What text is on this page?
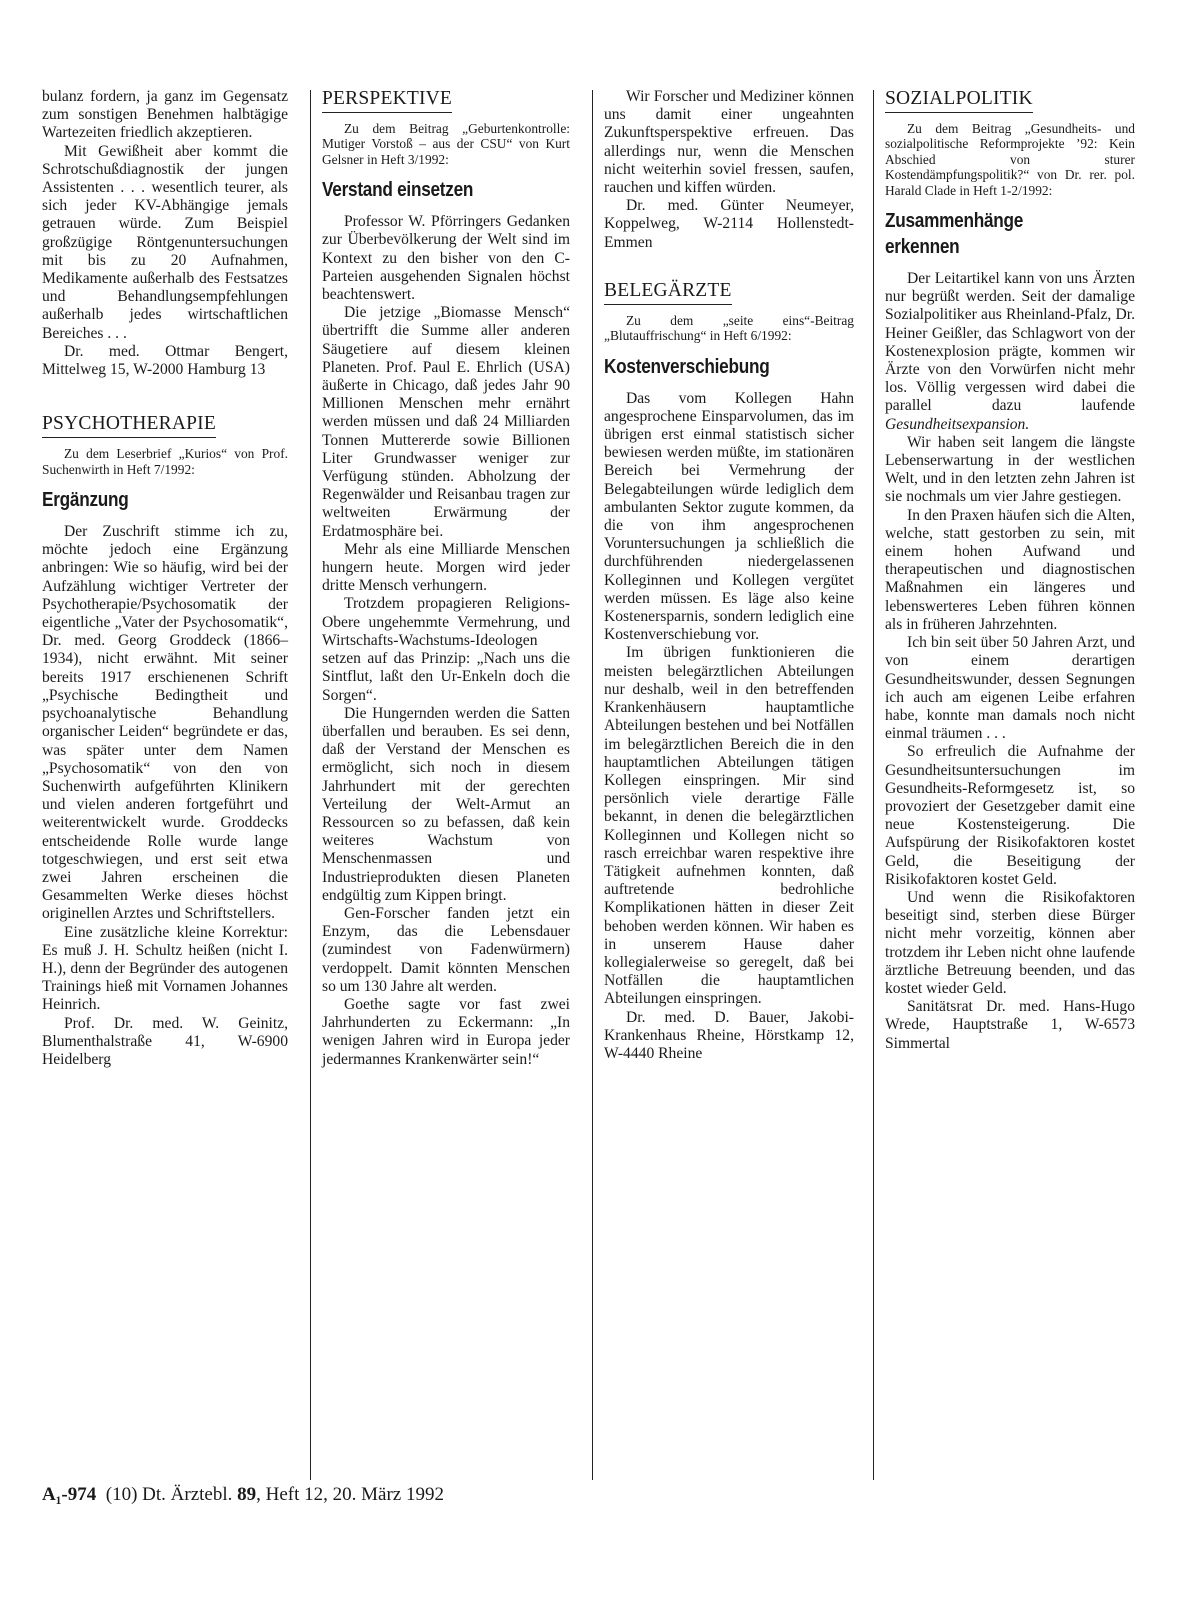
bulanz fordern, ja ganz im Gegensatz zum sonstigen Benehmen halbtägige Wartezeiten friedlich akzeptieren.

Mit Gewißheit aber kommt die Schrotschußdiagnostik der jungen Assistenten . . . wesentlich teurer, als sich jeder KV-Abhängige jemals getrauen würde. Zum Beispiel großzügige Röntgenuntersuchungen mit bis zu 20 Aufnahmen, Medikamente außerhalb des Festsatzes und Behandlungsempfehlungen außerhalb jedes wirtschaftlichen Bereiches . . .

Dr. med. Ottmar Bengert, Mittelweg 15, W-2000 Hamburg 13

PSYCHOTHERAPIE
Zu dem Leserbrief „Kurios“ von Prof. Suchenwirth in Heft 7/1992:
Ergänzung

Der Zuschrift stimme ich zu, möchte jedoch eine Ergänzung anbringen: Wie so häufig, wird bei der Aufzählung wichtiger Vertreter der Psychotherapie/Psychosomatik der eigentliche „Vater der Psychosomatik“, Dr. med. Georg Groddeck (1866–1934), nicht erwähnt. Mit seiner bereits 1917 erschienenen Schrift „Psychische Bedingtheit und psychoanalytische Behandlung organischer Leiden“ begründete er das, was später unter dem Namen „Psychosomatik“ von den von Suchenwirth aufgeführten Klinikern und vielen anderen fortgeführt und weiterentwickelt wurde. Groddecks entscheidende Rolle wurde lange totgeschwiegen, und erst seit etwa zwei Jahren erscheinen die Gesammelten Werke dieses höchst originellen Arztes und Schriftstellers.

Eine zusätzliche kleine Korrektur: Es muß J. H. Schultz heißen (nicht I. H.), denn der Begründer des autogenen Trainings hieß mit Vornamen Johannes Heinrich.

Prof. Dr. med. W. Geinitz, Blumenthalstraße 41, W-6900 Heidelberg

PERSPEKTIVE
Zu dem Beitrag „Geburtenkontrolle: Mutiger Vorstoß – aus der CSU“ von Kurt Gelsner in Heft 3/1992:
Verstand einsetzen

Professor W. Pförringers Gedanken zur Überbevölkerung der Welt sind im Kontext zu den bisher von den C-Parteien ausgehenden Signalen höchst beachtenswert.

Die jetzige „Biomasse Mensch“ übertrifft die Summe aller anderen Säugetiere auf diesem kleinen Planeten. Prof. Paul E. Ehrlich (USA) äußerte in Chicago, daß jedes Jahr 90 Millionen Menschen mehr ernährt werden müssen und daß 24 Milliarden Tonnen Muttererde sowie Billionen Liter Grundwasser weniger zur Verfügung stünden. Abholzung der Regenwälder und Reisanbau tragen zur weltweiten Erwärmung der Erdatmosphäre bei.

Mehr als eine Milliarde Menschen hungern heute. Morgen wird jeder dritte Mensch verhungern.

Trotzdem propagieren Religions-Obere ungehemmte Vermehrung, und Wirtschafts-Wachstums-Ideologen setzen auf das Prinzip: „Nach uns die Sintflut, laßt den Ur-Enkeln doch die Sorgen“.

Die Hungernden werden die Satten überfallen und berauben. Es sei denn, daß der Verstand der Menschen es ermöglicht, sich noch in diesem Jahrhundert mit der gerechten Verteilung der Welt-Armut an Ressourcen so zu befassen, daß kein weiteres Wachstum von Menschenmassen und Industrieprodukten diesen Planeten endgültig zum Kippen bringt.

Gen-Forscher fanden jetzt ein Enzym, das die Lebensdauer (zumindest von Fadenwürmern) verdoppelt. Damit könnten Menschen so um 130 Jahre alt werden.

Goethe sagte vor fast zwei Jahrhunderten zu Eckermann: „In wenigen Jahren wird in Europa jeder jedermannes Krankenwärter sein!“

Wir Forscher und Mediziner können uns damit einer ungeahnten Zukunftsperspektive erfreuen. Das allerdings nur, wenn die Menschen nicht weiterhin soviel fressen, saufen, rauchen und kiffen würden.

Dr. med. Günter Neumeyer, Koppelweg, W-2114 Hollenstedt-Emmen

BELEGÄRZTE
Zu dem „seite eins“-Beitrag „Blutauffrischung“ in Heft 6/1992:
Kostenverschiebung

Das vom Kollegen Hahn angesprochene Einsparvolumen, das im übrigen erst einmal statistisch sicher bewiesen werden müßte, im stationären Bereich bei Vermehrung der Belegabteilungen würde lediglich dem ambulanten Sektor zugute kommen, da die von ihm angesprochenen Voruntersuchungen ja schließlich die durchführenden niedergelassenen Kolleginnen und Kollegen vergütet werden müssen. Es läge also keine Kostenersparnis, sondern lediglich eine Kostenverschiebung vor.

Im übrigen funktionieren die meisten belegärztlichen Abteilungen nur deshalb, weil in den betreffenden Krankenhäusern hauptamtliche Abteilungen bestehen und bei Notfällen im belegärztlichen Bereich die in den hauptamtlichen Abteilungen tätigen Kollegen einspringen. Mir sind persönlich viele derartige Fälle bekannt, in denen die belegärztlichen Kolleginnen und Kollegen nicht so rasch erreichbar waren respektive ihre Tätigkeit aufnehmen konnten, daß auftretende bedrohliche Komplikationen hätten in dieser Zeit behoben werden können. Wir haben es in unserem Hause daher kollegialerweise so geregelt, daß bei Notfällen die hauptamtlichen Abteilungen einspringen.

Dr. med. D. Bauer, Jakobi-Krankenhaus Rheine, Hörstkamp 12, W-4440 Rheine

SOZIALPOLITIK
Zu dem Beitrag „Gesundheits- und sozialpolitische Reformprojekte ’92: Kein Abschied von sturer Kostendämpfungspolitik?“ von Dr. rer. pol. Harald Clade in Heft 1-2/1992:
Zusammenhänge erkennen

Der Leitartikel kann von uns Ärzten nur begrüßt werden. Seit der damalige Sozialpolitiker aus Rheinland-Pfalz, Dr. Heiner Geißler, das Schlagwort von der Kostenexplosion prägte, kommen wir Ärzte von den Vorwürfen nicht mehr los. Völlig vergessen wird dabei die parallel dazu laufende Gesundheitsexpansion.

Wir haben seit langem die längste Lebenserwartung in der westlichen Welt, und in den letzten zehn Jahren ist sie nochmals um vier Jahre gestiegen.

In den Praxen häufen sich die Alten, welche, statt gestorben zu sein, mit einem hohen Aufwand und therapeutischen und diagnostischen Maßnahmen ein längeres und lebenswerteres Leben führen können als in früheren Jahrzehnten.

Ich bin seit über 50 Jahren Arzt, und von einem derartigen Gesundheitswunder, dessen Segnungen ich auch am eigenen Leibe erfahren habe, konnte man damals noch nicht einmal träumen . . .

So erfreulich die Aufnahme der Gesundheitsuntersuchungen im Gesundheits-Reformgesetz ist, so provoziert der Gesetzgeber damit eine neue Kostensteigerung. Die Aufspürung der Risikofaktoren kostet Geld, die Beseitigung der Risikofaktoren kostet Geld.

Und wenn die Risikofaktoren beseitigt sind, sterben diese Bürger nicht mehr vorzeitig, können aber trotzdem ihr Leben nicht ohne laufende ärztliche Betreuung beenden, und das kostet wieder Geld.

Sanitätsrat Dr. med. Hans-Hugo Wrede, Hauptstraße 1, W-6573 Simmertal

A₁-974 (10) Dt. Ärztebl. 89, Heft 12, 20. März 1992
